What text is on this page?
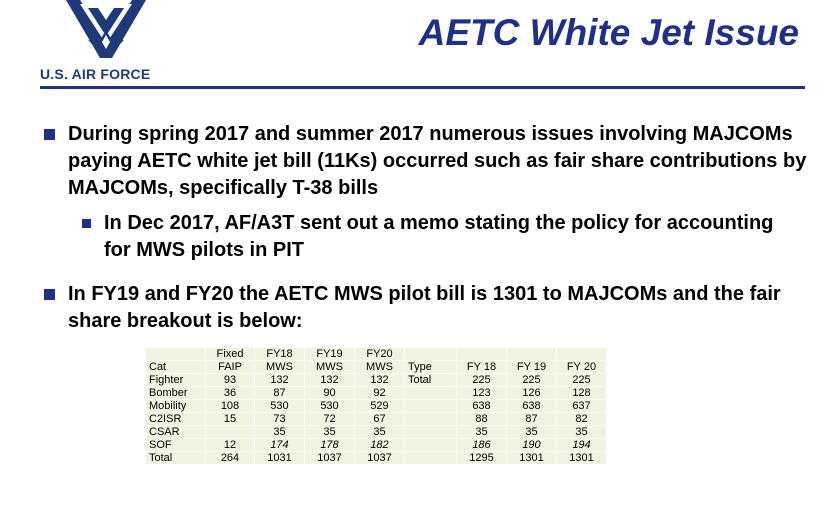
U.S. AIR FORCE
AETC White Jet Issue
During spring 2017 and summer 2017 numerous issues involving MAJCOMs paying AETC white jet bill (11Ks) occurred such as fair share contributions by MAJCOMs, specifically T-38 bills
In Dec 2017, AF/A3T sent out a memo stating the policy for accounting for MWS pilots in PIT
In FY19 and FY20 the AETC MWS pilot bill is 1301 to MAJCOMs and the fair share breakout is below:
	Fixed	FY18	FY19	FY20				
Cat	FAIP	MWS	MWS	MWS	Type	FY 18	FY 19	FY 20
Fighter	93	132	132	132	Total	225	225	225
Bomber	36	87	90	92		123	126	128
Mobility	108	530	530	529		638	638	637
C2ISR	15	73	72	67		88	87	82
CSAR		35	35	35		35	35	35
SOF	12	174	178	182		186	190	194
Total	264	1031	1037	1037		1295	1301	1301
